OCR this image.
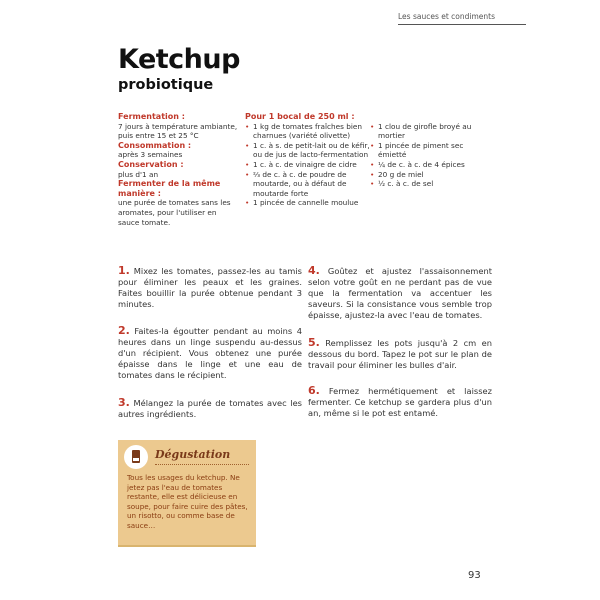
Les sauces et condiments
Ketchup
probiotique
Fermentation :
7 jours à température ambiante, puis entre 15 et 25 °C
Consommation :
après 3 semaines
Conservation :
plus d'1 an
Fermenter de la même manière :
une purée de tomates sans les aromates, pour l'utiliser en sauce tomate.
Pour 1 bocal de 250 ml :
• 1 kg de tomates fraîches bien charnues (variété olivette)
• 1 c. à s. de petit-lait ou de kéfir, ou de jus de lacto-fermentation
• 1 c. à c. de vinaigre de cidre
• ⅔ de c. à c. de poudre de moutarde, ou à défaut de moutarde forte
• 1 pincée de cannelle moulue
• 1 clou de girofle broyé au mortier
• 1 pincée de piment sec émietté
• ¼ de c. à c. de 4 épices
• 20 g de miel
• ½ c. à c. de sel
1. Mixez les tomates, passez-les au tamis pour éliminer les peaux et les graines. Faites bouillir la purée obtenue pendant 3 minutes.
2. Faites-la égoutter pendant au moins 4 heures dans un linge suspendu au-dessus d'un récipient. Vous obtenez une purée épaisse dans le linge et une eau de tomates dans le récipient.
3. Mélangez la purée de tomates avec les autres ingrédients.
4. Goûtez et ajustez l'assaisonnement selon votre goût en ne perdant pas de vue que la fermentation va accentuer les saveurs. Si la consistance vous semble trop épaisse, ajustez-la avec l'eau de tomates.
5. Remplissez les pots jusqu'à 2 cm en dessous du bord. Tapez le pot sur le plan de travail pour éliminer les bulles d'air.
6. Fermez hermétiquement et laissez fermenter. Ce ketchup se gardera plus d'un an, même si le pot est entamé.
Dégustation
Tous les usages du ketchup. Ne jetez pas l'eau de tomates restante, elle est délicieuse en soupe, pour faire cuire des pâtes, un risotto, ou comme base de sauce…
93
